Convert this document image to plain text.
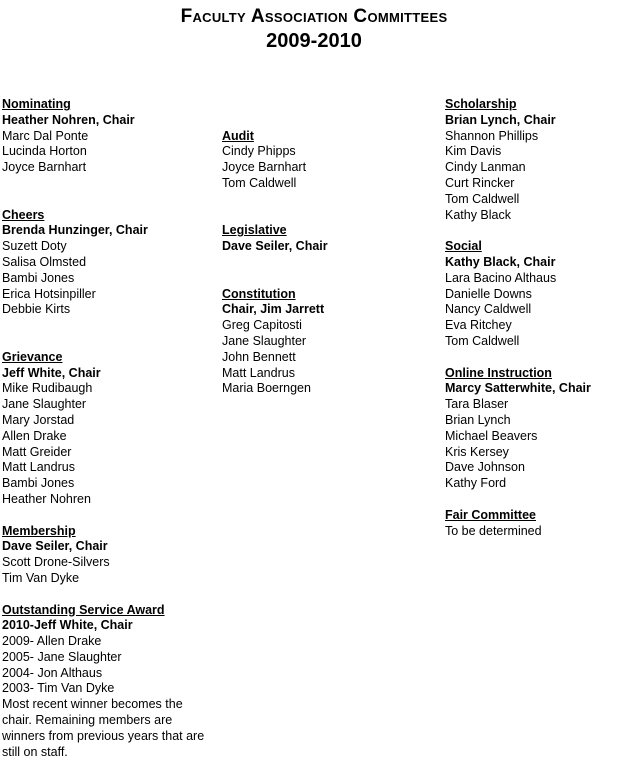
Faculty Association Committees
2009-2010
Nominating
Heather Nohren, Chair
Marc Dal Ponte
Lucinda Horton
Joyce Barnhart
Cheers
Brenda Hunzinger, Chair
Suzett Doty
Salisa Olmsted
Bambi Jones
Erica Hotsinpiller
Debbie Kirts
Grievance
Jeff White, Chair
Mike Rudibaugh
Jane Slaughter
Mary Jorstad
Allen Drake
Matt Greider
Matt Landrus
Bambi Jones
Heather Nohren
Membership
Dave Seiler, Chair
Scott Drone-Silvers
Tim Van Dyke
Outstanding Service Award
2010-Jeff White, Chair
2009- Allen Drake
2005- Jane Slaughter
2004- Jon Althaus
2003- Tim Van Dyke
Most recent winner becomes the chair. Remaining members are winners from previous years that are still on staff.
Audit
Cindy Phipps
Joyce Barnhart
Tom Caldwell
Legislative
Dave Seiler, Chair
Constitution
Chair, Jim Jarrett
Greg Capitosti
Jane Slaughter
John Bennett
Matt Landrus
Maria Boerngen
Scholarship
Brian Lynch, Chair
Shannon Phillips
Kim Davis
Cindy Lanman
Curt Rincker
Tom Caldwell
Kathy Black
Social
Kathy Black, Chair
Lara Bacino Althaus
Danielle Downs
Nancy Caldwell
Eva Ritchey
Tom Caldwell
Online Instruction
Marcy Satterwhite, Chair
Tara Blaser
Brian Lynch
Michael Beavers
Kris Kersey
Dave Johnson
Kathy Ford
Fair Committee
To be determined
